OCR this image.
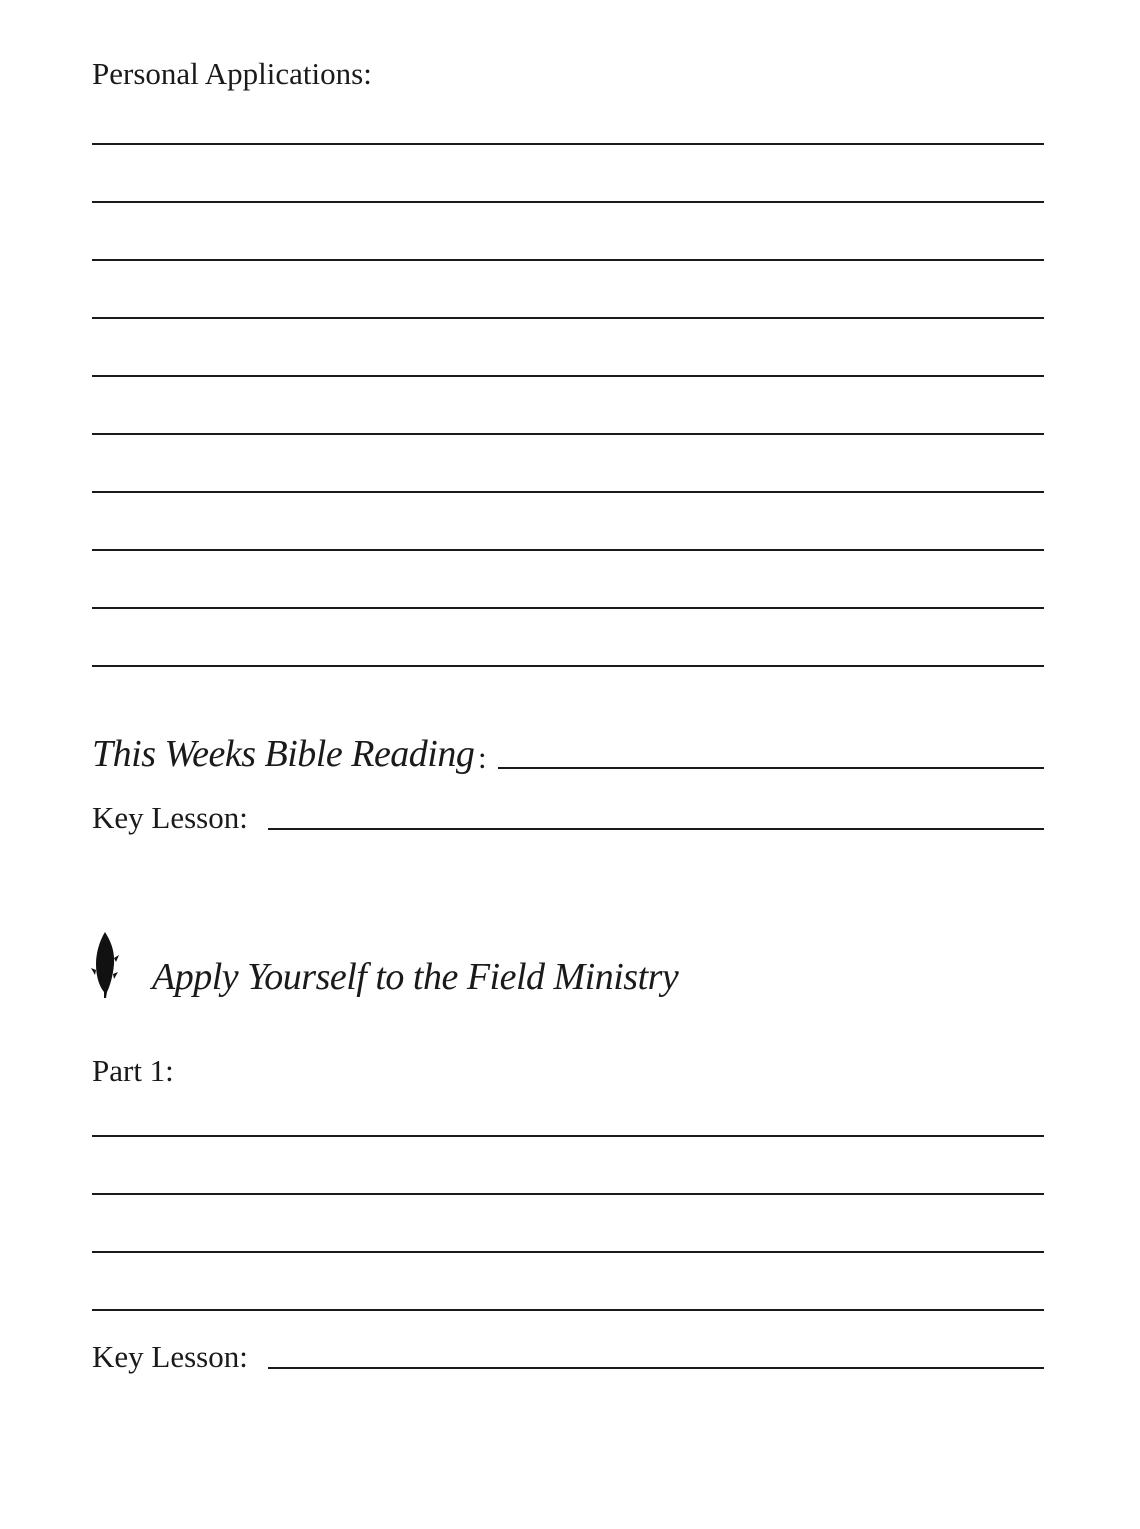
Personal Applications:
This Weeks Bible Reading :
Key Lesson:
Apply Yourself to the Field Ministry
Part 1:
Key Lesson:
